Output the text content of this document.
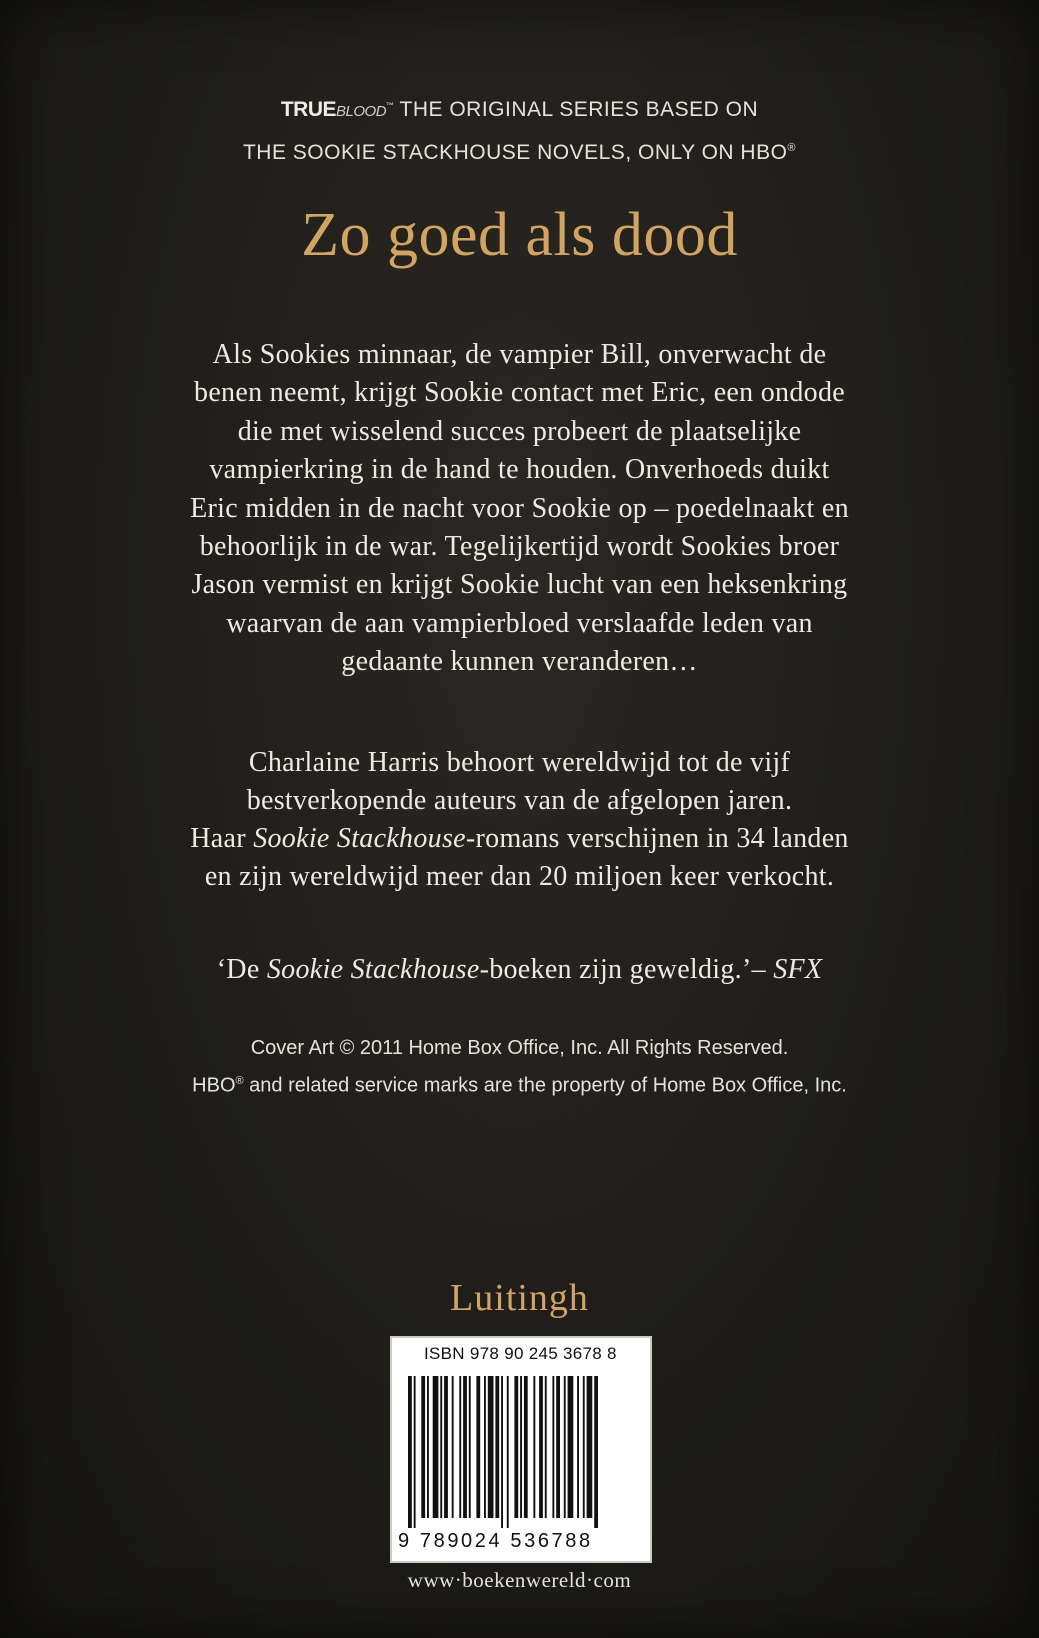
TRUEBLOOD™ THE ORIGINAL SERIES BASED ON
THE SOOKIE STACKHOUSE NOVELS, ONLY ON HBO®
Zo goed als dood
Als Sookies minnaar, de vampier Bill, onverwacht de
benen neemt, krijgt Sookie contact met Eric, een ondode
die met wisselend succes probeert de plaatselijke
vampierkring in de hand te houden. Onverhoeds duikt
Eric midden in de nacht voor Sookie op – poedelnaakt en
behoorlijk in de war. Tegelijkertijd wordt Sookies broer
Jason vermist en krijgt Sookie lucht van een heksenkring
waarvan de aan vampierbloed verslaafde leden van
gedaante kunnen veranderen…
Charlaine Harris behoort wereldwijd tot de vijf
bestverkopende auteurs van de afgelopen jaren.
Haar Sookie Stackhouse-romans verschijnen in 34 landen
en zijn wereldwijd meer dan 20 miljoen keer verkocht.
‘De Sookie Stackhouse-boeken zijn geweldig.’– SFX
Cover Art © 2011 Home Box Office, Inc. All Rights Reserved.
HBO® and related service marks are the property of Home Box Office, Inc.
Luitingh
ISBN 978 90 245 3678 8
9 789024 536788
www·boekenwereld·com
